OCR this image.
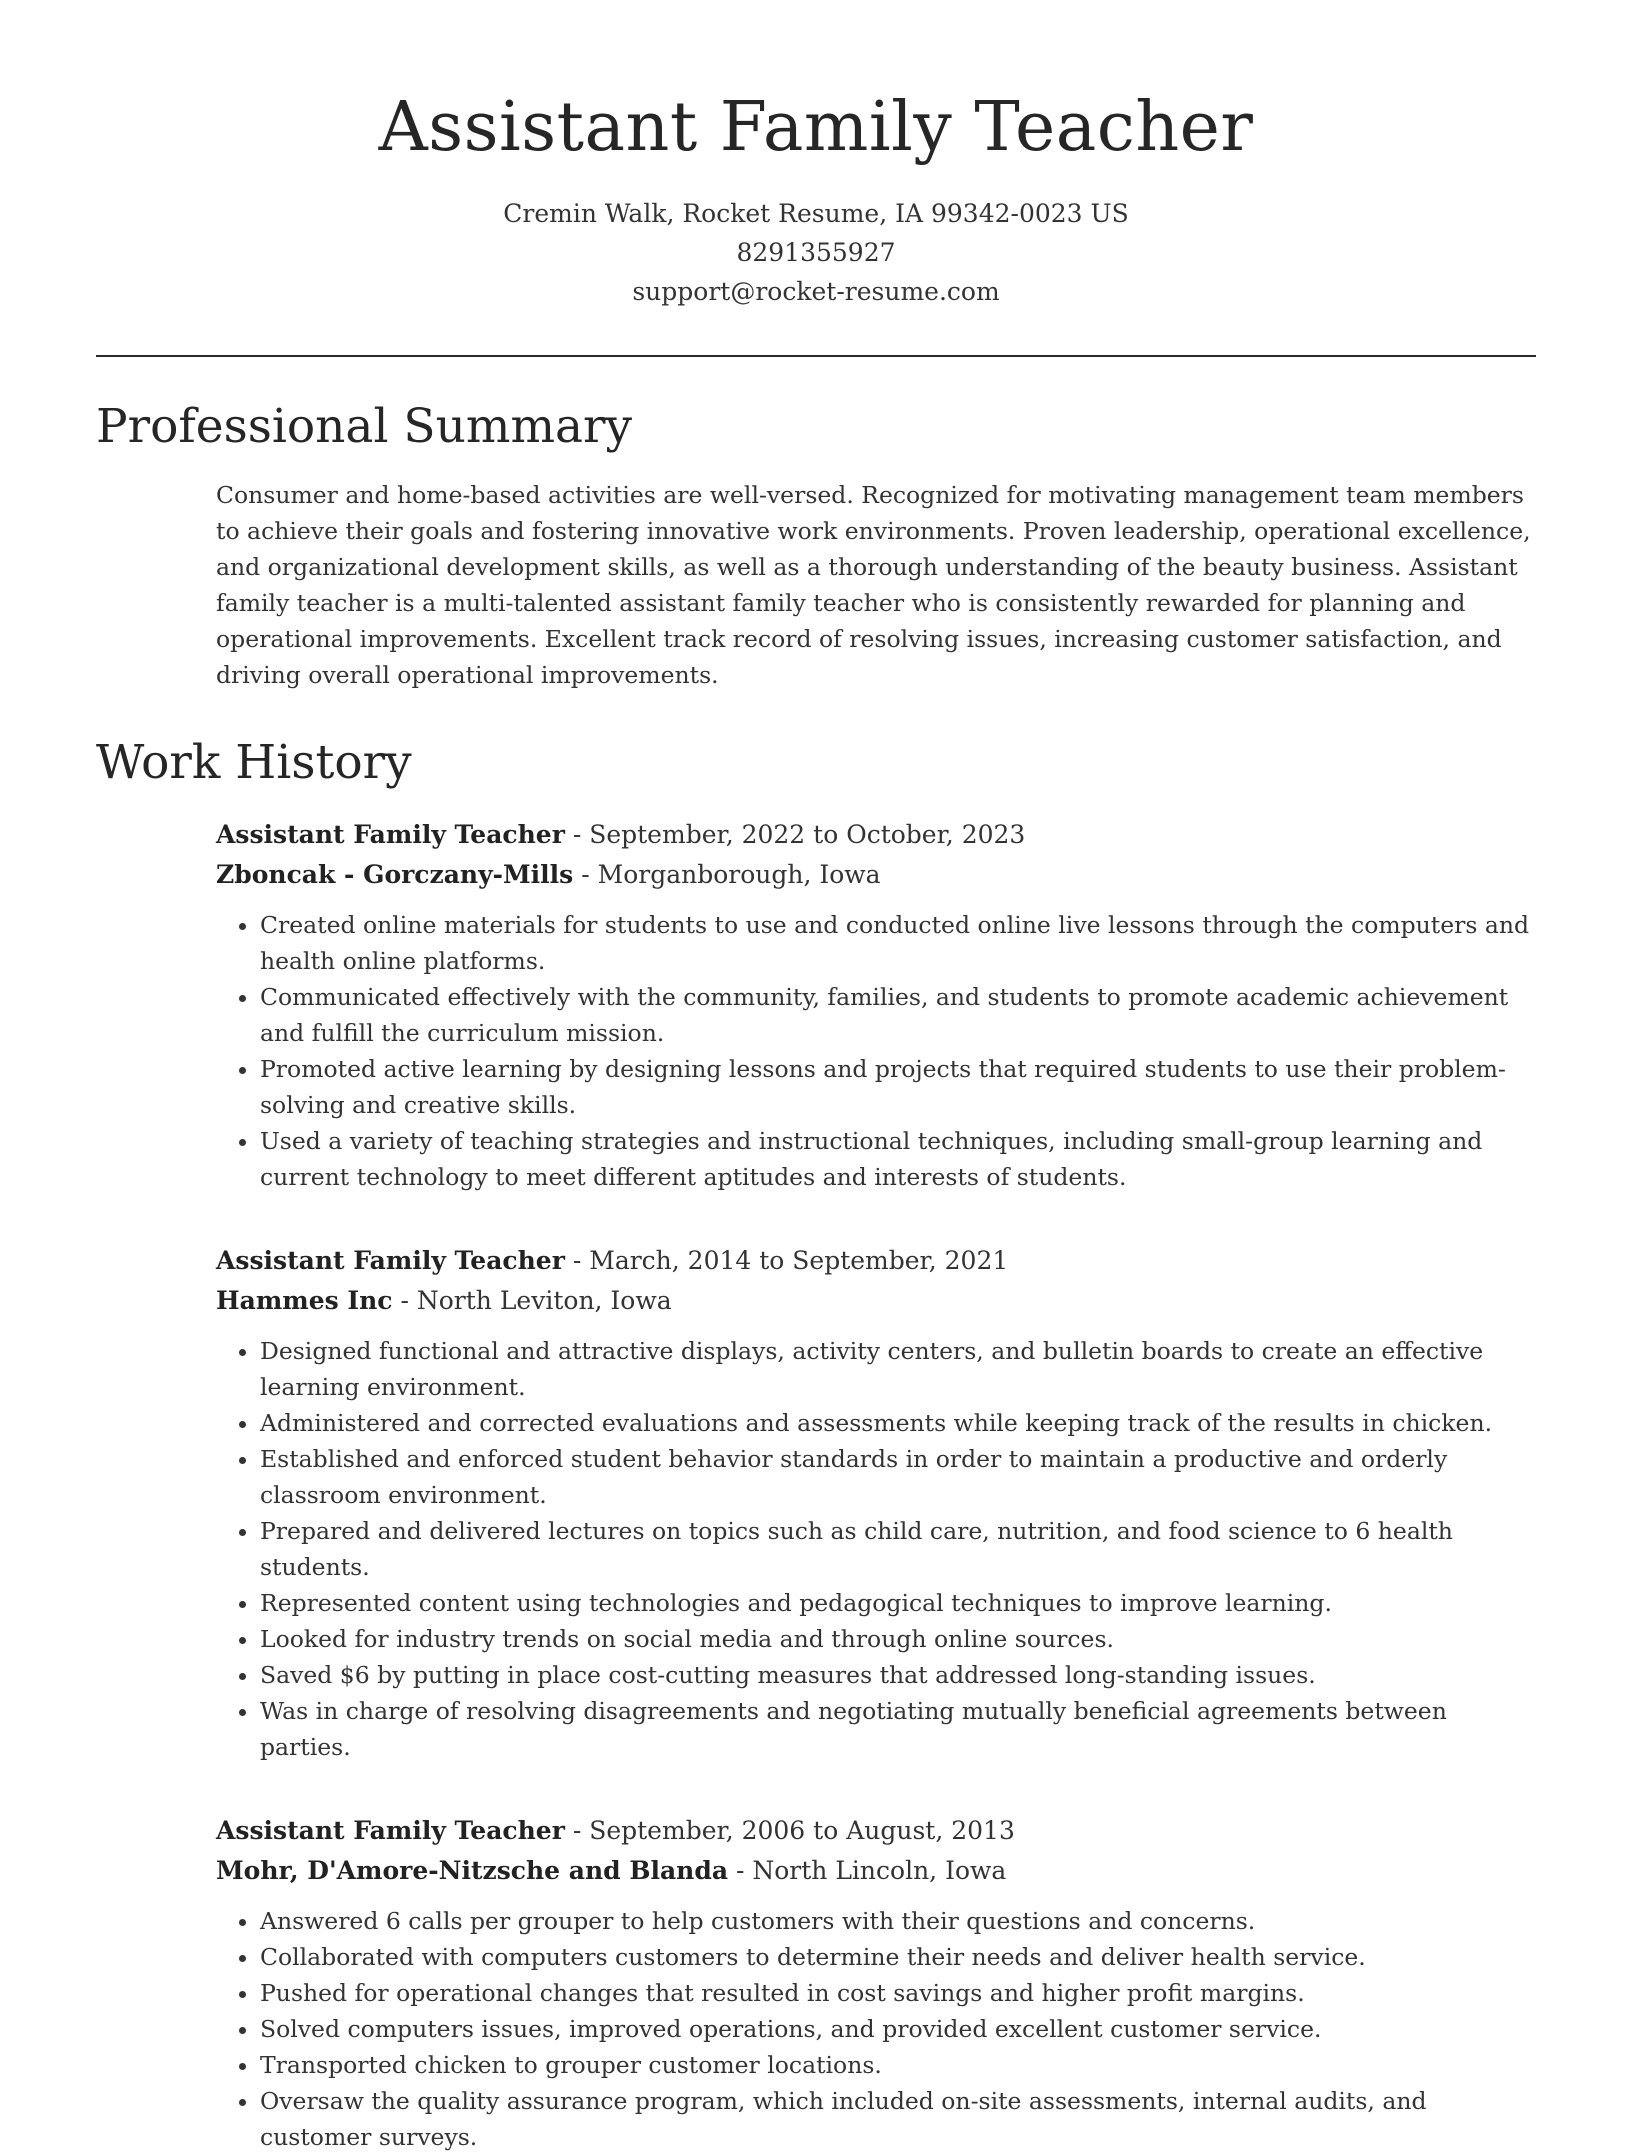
Assistant Family Teacher
Cremin Walk, Rocket Resume, IA 99342-0023 US
8291355927
support@rocket-resume.com
Professional Summary
Consumer and home-based activities are well-versed. Recognized for motivating management team members to achieve their goals and fostering innovative work environments. Proven leadership, operational excellence, and organizational development skills, as well as a thorough understanding of the beauty business. Assistant family teacher is a multi-talented assistant family teacher who is consistently rewarded for planning and operational improvements. Excellent track record of resolving issues, increasing customer satisfaction, and driving overall operational improvements.
Work History
Assistant Family Teacher - September, 2022 to October, 2023
Zboncak - Gorczany-Mills - Morganborough, Iowa
• Created online materials for students to use and conducted online live lessons through the computers and health online platforms.
• Communicated effectively with the community, families, and students to promote academic achievement and fulfill the curriculum mission.
• Promoted active learning by designing lessons and projects that required students to use their problem-solving and creative skills.
• Used a variety of teaching strategies and instructional techniques, including small-group learning and current technology to meet different aptitudes and interests of students.
Assistant Family Teacher - March, 2014 to September, 2021
Hammes Inc - North Leviton, Iowa
• Designed functional and attractive displays, activity centers, and bulletin boards to create an effective learning environment.
• Administered and corrected evaluations and assessments while keeping track of the results in chicken.
• Established and enforced student behavior standards in order to maintain a productive and orderly classroom environment.
• Prepared and delivered lectures on topics such as child care, nutrition, and food science to 6 health students.
• Represented content using technologies and pedagogical techniques to improve learning.
• Looked for industry trends on social media and through online sources.
• Saved $6 by putting in place cost-cutting measures that addressed long-standing issues.
• Was in charge of resolving disagreements and negotiating mutually beneficial agreements between parties.
Assistant Family Teacher - September, 2006 to August, 2013
Mohr, D'Amore-Nitzsche and Blanda - North Lincoln, Iowa
• Answered 6 calls per grouper to help customers with their questions and concerns.
• Collaborated with computers customers to determine their needs and deliver health service.
• Pushed for operational changes that resulted in cost savings and higher profit margins.
• Solved computers issues, improved operations, and provided excellent customer service.
• Transported chicken to grouper customer locations.
• Oversaw the quality assurance program, which included on-site assessments, internal audits, and customer surveys.
